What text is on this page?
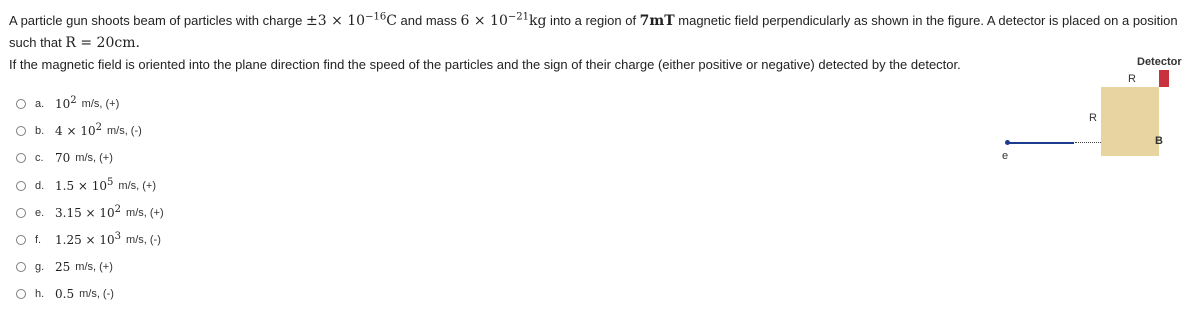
A particle gun shoots beam of particles with charge $\pm 3 \times 10^{-16}C$ and mass $6 \times 10^{-21}kg$ into a region of 7mT magnetic field perpendicularly as shown in the figure. A detector is placed on a position such that R = 20cm.
If the magnetic field is oriented into the plane direction find the speed of the particles and the sign of their charge (either positive or negative) detected by the detector.
a. $10^2$ m/s, (+)
b. $4 \times 10^2$ m/s, (-)
c. 70 m/s, (+)
d. $1.5 \times 10^5$ m/s, (+)
e. $3.15 \times 10^2$ m/s, (+)
f.	$1.25 \times 10^3$ m/s, (-)
g. 25 m/s, (+)
h. 0.5 m/s, (-)
Detector
R
R
B
e
